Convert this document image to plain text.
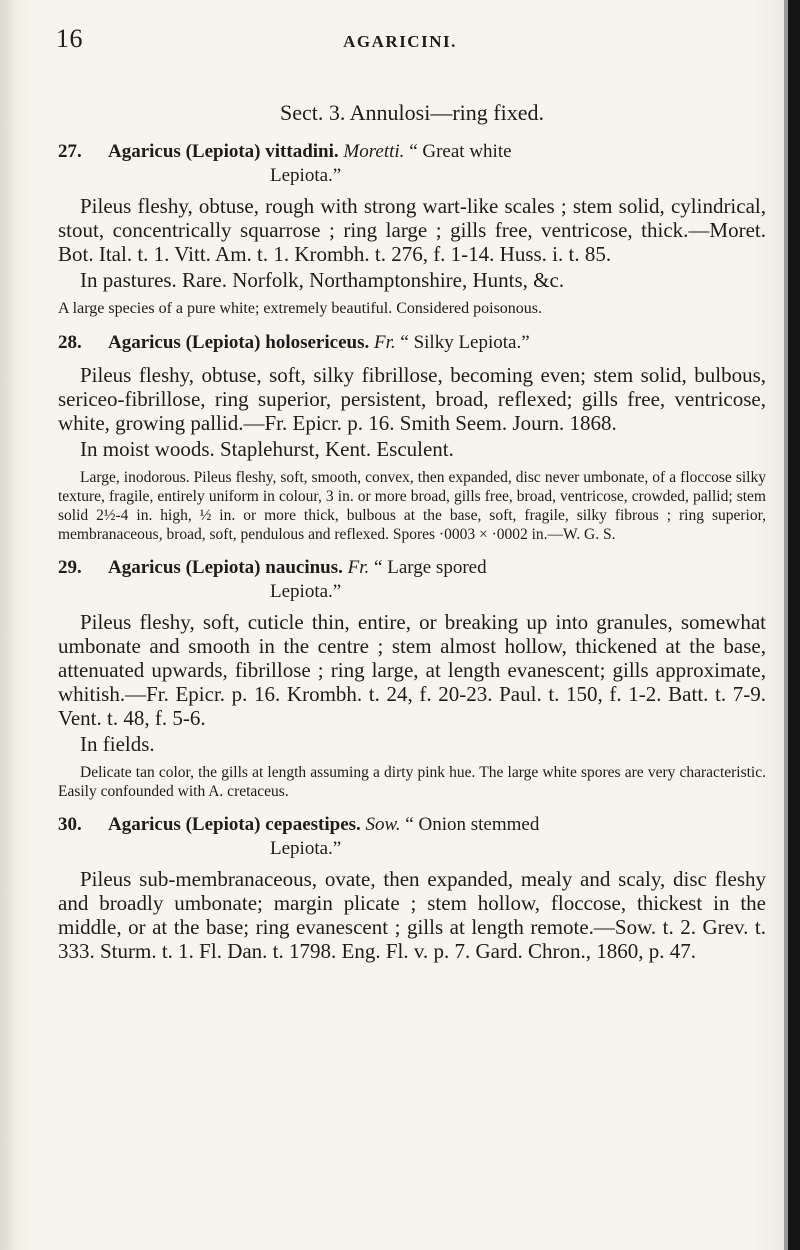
16	AGARICINI.
Sect. 3. Annulosi—ring fixed.
27.	Agaricus (Lepiota) vittadini. Moretti. “ Great white
Lepiota.”

Pileus fleshy, obtuse, rough with strong wart-like scales ; stem solid, cylindrical, stout, concentrically squarrose ; ring large ; gills free, ventricose, thick.—Moret. Bot. Ital. t. 1. Vitt. Am. t. 1. Krombh. t. 276, f. 1-14. Huss. i. t. 85.

In pastures. Rare. Norfolk, Northamptonshire, Hunts, &c.

A large species of a pure white; extremely beautiful. Considered poisonous.

28.	Agaricus (Lepiota) holosericeus. Fr. “ Silky Lepiota.”

Pileus fleshy, obtuse, soft, silky fibrillose, becoming even; stem solid, bulbous, sericeo-fibrillose, ring superior, persistent, broad, reflexed; gills free, ventricose, white, growing pallid.—Fr. Epicr. p. 16. Smith Seem. Journ. 1868.

In moist woods. Staplehurst, Kent. Esculent.

Large, inodorous. Pileus fleshy, soft, smooth, convex, then expanded, disc never umbonate, of a floccose silky texture, fragile, entirely uniform in colour, 3 in. or more broad, gills free, broad, ventricose, crowded, pallid; stem solid 2½-4 in. high, ½ in. or more thick, bulbous at the base, soft, fragile, silky fibrous ; ring superior, membranaceous, broad, soft, pendulous and reflexed. Spores ·0003 × ·0002 in.—W. G. S.

29.	Agaricus (Lepiota) naucinus. Fr. “ Large spored
Lepiota.”

Pileus fleshy, soft, cuticle thin, entire, or breaking up into granules, somewhat umbonate and smooth in the centre ; stem almost hollow, thickened at the base, attenuated upwards, fibrillose ; ring large, at length evanescent; gills approximate, whitish.—Fr. Epicr. p. 16. Krombh. t. 24, f. 20-23. Paul. t. 150, f. 1-2. Batt. t. 7-9. Vent. t. 48, f. 5-6.

In fields.

Delicate tan color, the gills at length assuming a dirty pink hue. The large white spores are very characteristic. Easily confounded with A. cretaceus.

30.	Agaricus (Lepiota) cepaestipes. Sow. “ Onion stemmed
Lepiota.”

Pileus sub-membranaceous, ovate, then expanded, mealy and scaly, disc fleshy and broadly umbonate; margin plicate ; stem hollow, floccose, thickest in the middle, or at the base; ring evanescent ; gills at length remote.—Sow. t. 2. Grev. t. 333. Sturm. t. 1. Fl. Dan. t. 1798. Eng. Fl. v. p. 7. Gard. Chron., 1860, p. 47.
